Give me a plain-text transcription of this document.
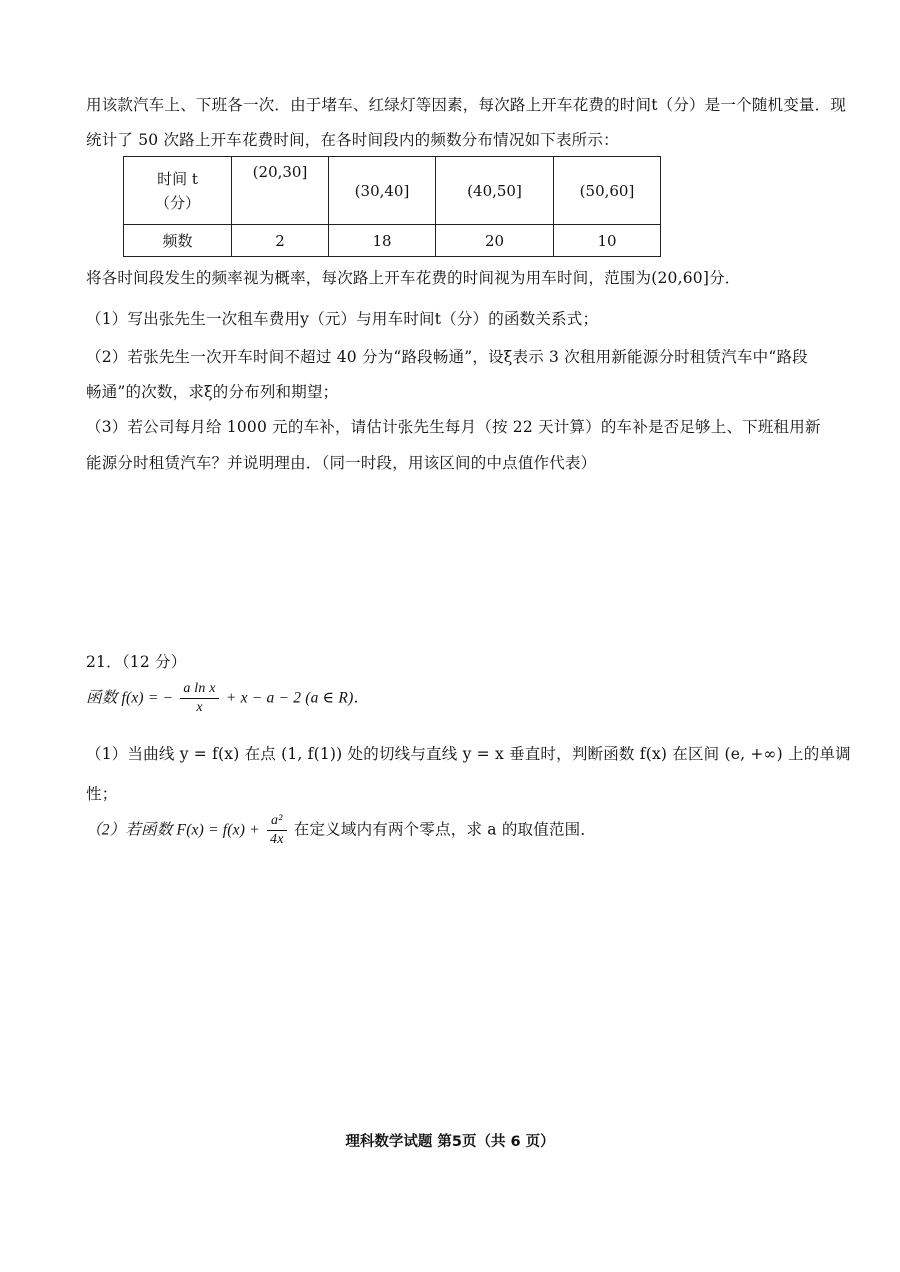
用该款汽车上、下班各一次．由于堵车、红绿灯等因素，每次路上开车花费的时间t（分）是一个随机变量．现
统计了 50 次路上开车花费时间，在各时间段内的频数分布情况如下表所示：
时间 t
（分）	(20,30]	(30,40]	(40,50]	(50,60]
频数	2	18	20	10
将各时间段发生的频率视为概率，每次路上开车花费的时间视为用车时间，范围为(20,60]分．
（1）写出张先生一次租车费用y（元）与用车时间t（分）的函数关系式；
（2）若张先生一次开车时间不超过 40 分为“路段畅通”，设ξ表示 3 次租用新能源分时租赁汽车中“路段
畅通”的次数，求ξ的分布列和期望；
（3）若公司每月给 1000 元的车补，请估计张先生每月（按 22 天计算）的车补是否足够上、下班租用新
能源分时租赁汽车？并说明理由．（同一时段，用该区间的中点值作代表）
21．（12 分）
函数 f(x) = − $\frac{\text{a ln x}}{x} + x - a - 2$ (a ∈ R)．
（1）当曲线 y = f(x) 在点 (1, f(1)) 处的切线与直线 y = x 垂直时，判断函数 f(x) 在区间 (e, +∞) 上的单调
性；
（2）若函数 $F(x) = f(x) + \frac{\text{a²}}{4x}$ 在定义域内有两个零点，求 a 的取值范围．
理科数学试题 第5页（共 6 页）
